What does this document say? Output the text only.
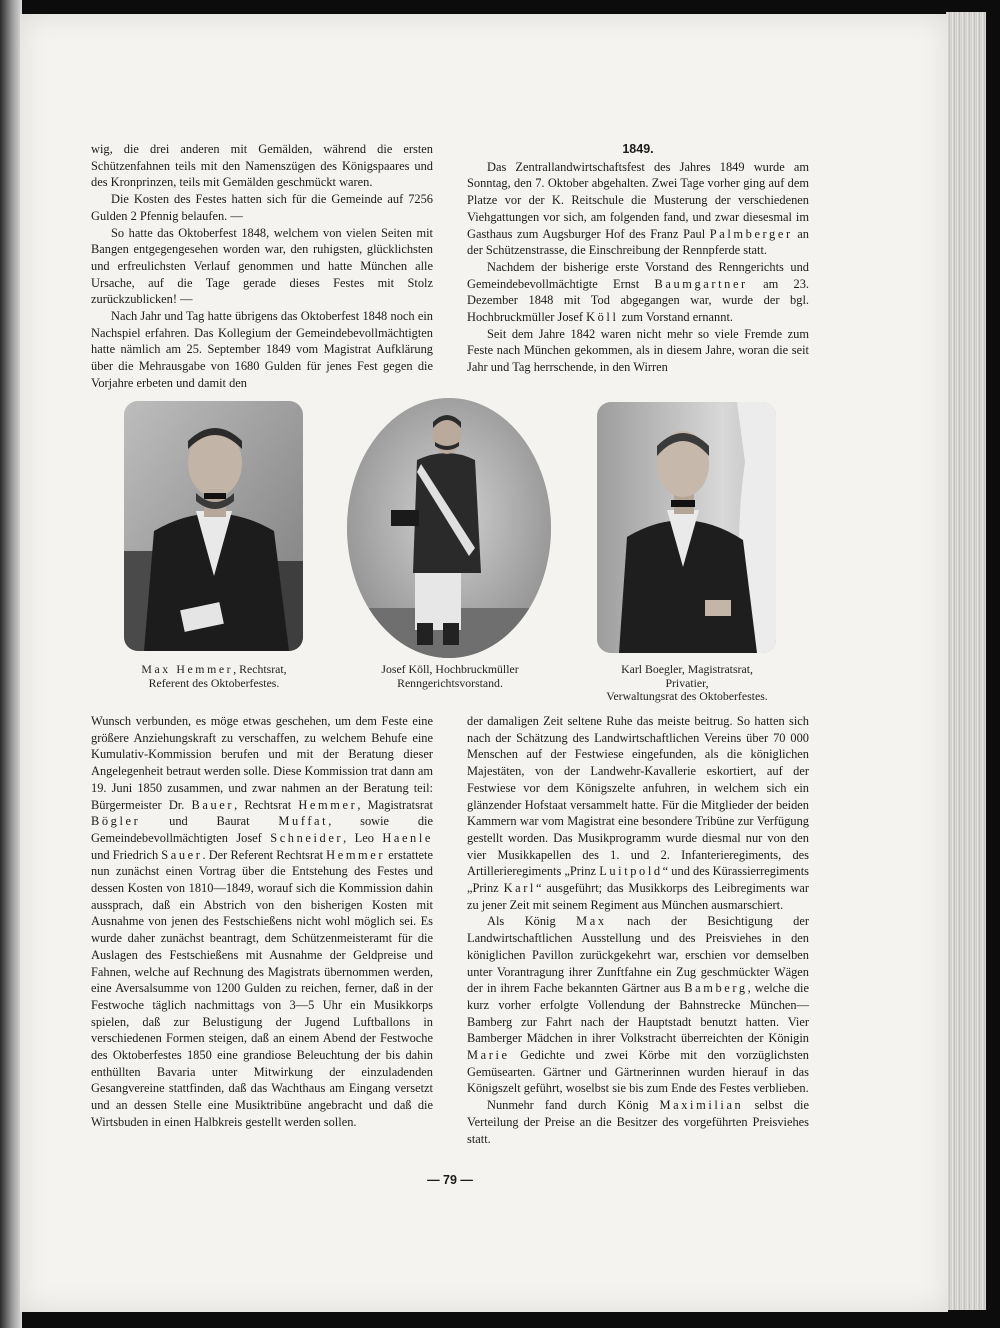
wig, die drei anderen mit Gemälden, während die ersten Schützenfahnen teils mit den Namenszügen des Königspaares und des Kronprinzen, teils mit Gemälden geschmückt waren.

Die Kosten des Festes hatten sich für die Gemeinde auf 7256 Gulden 2 Pfennig belaufen. —

So hatte das Oktoberfest 1848, welchem von vielen Seiten mit Bangen entgegengesehen worden war, den ruhigsten, glücklichsten und erfreulichsten Verlauf genommen und hatte München alle Ursache, auf die Tage gerade dieses Festes mit Stolz zurückzublicken! —

Nach Jahr und Tag hatte übrigens das Oktoberfest 1848 noch ein Nachspiel erfahren. Das Kollegium der Gemeindebevollmächtigten hatte nämlich am 25. September 1849 vom Magistrat Aufklärung über die Mehrausgabe von 1680 Gulden für jenes Fest gegen die Vorjahre erbeten und damit den

1849.

Das Zentrallandwirtschaftsfest des Jahres 1849 wurde am Sonntag, den 7. Oktober abgehalten. Zwei Tage vorher ging auf dem Platze vor der K. Reitschule die Musterung der verschiedenen Viehgattungen vor sich, am folgenden fand, und zwar diesesmal im Gasthaus zum Augsburger Hof des Franz Paul Palmberger an der Schützenstrasse, die Einschreibung der Rennpferde statt.

Nachdem der bisherige erste Vorstand des Renngerichts und Gemeindebevollmächtigte Ernst Baumgartner am 23. Dezember 1848 mit Tod abgegangen war, wurde der bgl. Hochbruckmüller Josef Köll zum Vorstand ernannt.

Seit dem Jahre 1842 waren nicht mehr so viele Fremde zum Feste nach München gekommen, als in diesem Jahre, woran die seit Jahr und Tag herrschende, in den Wirren

Max Hemmer, Rechtsrat,
Referent des Oktoberfestes.
Josef Köll, Hochbruckmüller
Renngerichtsvorstand.
Karl Boegler, Magistratsrat,
Privatier,
Verwaltungsrat des Oktoberfestes.

Wunsch verbunden, es möge etwas geschehen, um dem Feste eine größere Anziehungskraft zu verschaffen, zu welchem Behufe eine Kumulativ-Kommission berufen und mit der Beratung dieser Angelegenheit betraut werden solle. Diese Kommission trat dann am 19. Juni 1850 zusammen, und zwar nahmen an der Beratung teil: Bürgermeister Dr. Bauer, Rechtsrat Hemmer, Magistratsrat Bögler und Baurat Muffat, sowie die Gemeindebevollmächtigten Josef Schneider, Leo Haenle und Friedrich Sauer. Der Referent Rechtsrat Hemmer erstattete nun zunächst einen Vortrag über die Entstehung des Festes und dessen Kosten von 1810—1849, worauf sich die Kommission dahin aussprach, daß ein Abstrich von den bisherigen Kosten mit Ausnahme von jenen des Festschießens nicht wohl möglich sei. Es wurde daher zunächst beantragt, dem Schützenmeisteramt für die Auslagen des Festschießens mit Ausnahme der Geldpreise und Fahnen, welche auf Rechnung des Magistrats übernommen werden, eine Aversalsumme von 1200 Gulden zu reichen, ferner, daß in der Festwoche täglich nachmittags von 3—5 Uhr ein Musikkorps spielen, daß zur Belustigung der Jugend Luftballons in verschiedenen Formen steigen, daß an einem Abend der Festwoche des Oktoberfestes 1850 eine grandiose Beleuchtung der bis dahin enthüllten Bavaria unter Mitwirkung der einzuladenden Gesangvereine stattfinden, daß das Wachthaus am Eingang versetzt und an dessen Stelle eine Musiktribüne angebracht und daß die Wirtsbuden in einen Halbkreis gestellt werden sollen.

der damaligen Zeit seltene Ruhe das meiste beitrug. So hatten sich nach der Schätzung des Landwirtschaftlichen Vereins über 70 000 Menschen auf der Festwiese eingefunden, als die königlichen Majestäten, von der Landwehr-Kavallerie eskortiert, auf der Festwiese vor dem Königszelte anfuhren, in welchem sich ein glänzender Hofstaat versammelt hatte. Für die Mitglieder der beiden Kammern war vom Magistrat eine besondere Tribüne zur Verfügung gestellt worden. Das Musikprogramm wurde diesmal nur von den vier Musikkapellen des 1. und 2. Infanterieregiments, des Artillerieregiments „Prinz Luitpold“ und des Kürassierregiments „Prinz Karl“ ausgeführt; das Musikkorps des Leibregiments war zu jener Zeit mit seinem Regiment aus München ausmarschiert.

Als König Max nach der Besichtigung der Landwirtschaftlichen Ausstellung und des Preisviehes in den königlichen Pavillon zurückgekehrt war, erschien vor demselben unter Vorantragung ihrer Zunftfahne ein Zug geschmückter Wägen der in ihrem Fache bekannten Gärtner aus Bamberg, welche die kurz vorher erfolgte Vollendung der Bahnstrecke München—Bamberg zur Fahrt nach der Hauptstadt benutzt hatten. Vier Bamberger Mädchen in ihrer Volkstracht überreichten der Königin Marie Gedichte und zwei Körbe mit den vorzüglichsten Gemüsearten. Gärtner und Gärtnerinnen wurden hierauf in das Königszelt geführt, woselbst sie bis zum Ende des Festes verblieben.

Nunmehr fand durch König Maximilian selbst die Verteilung der Preise an die Besitzer des vorgeführten Preisviehes statt.

— 79 —
